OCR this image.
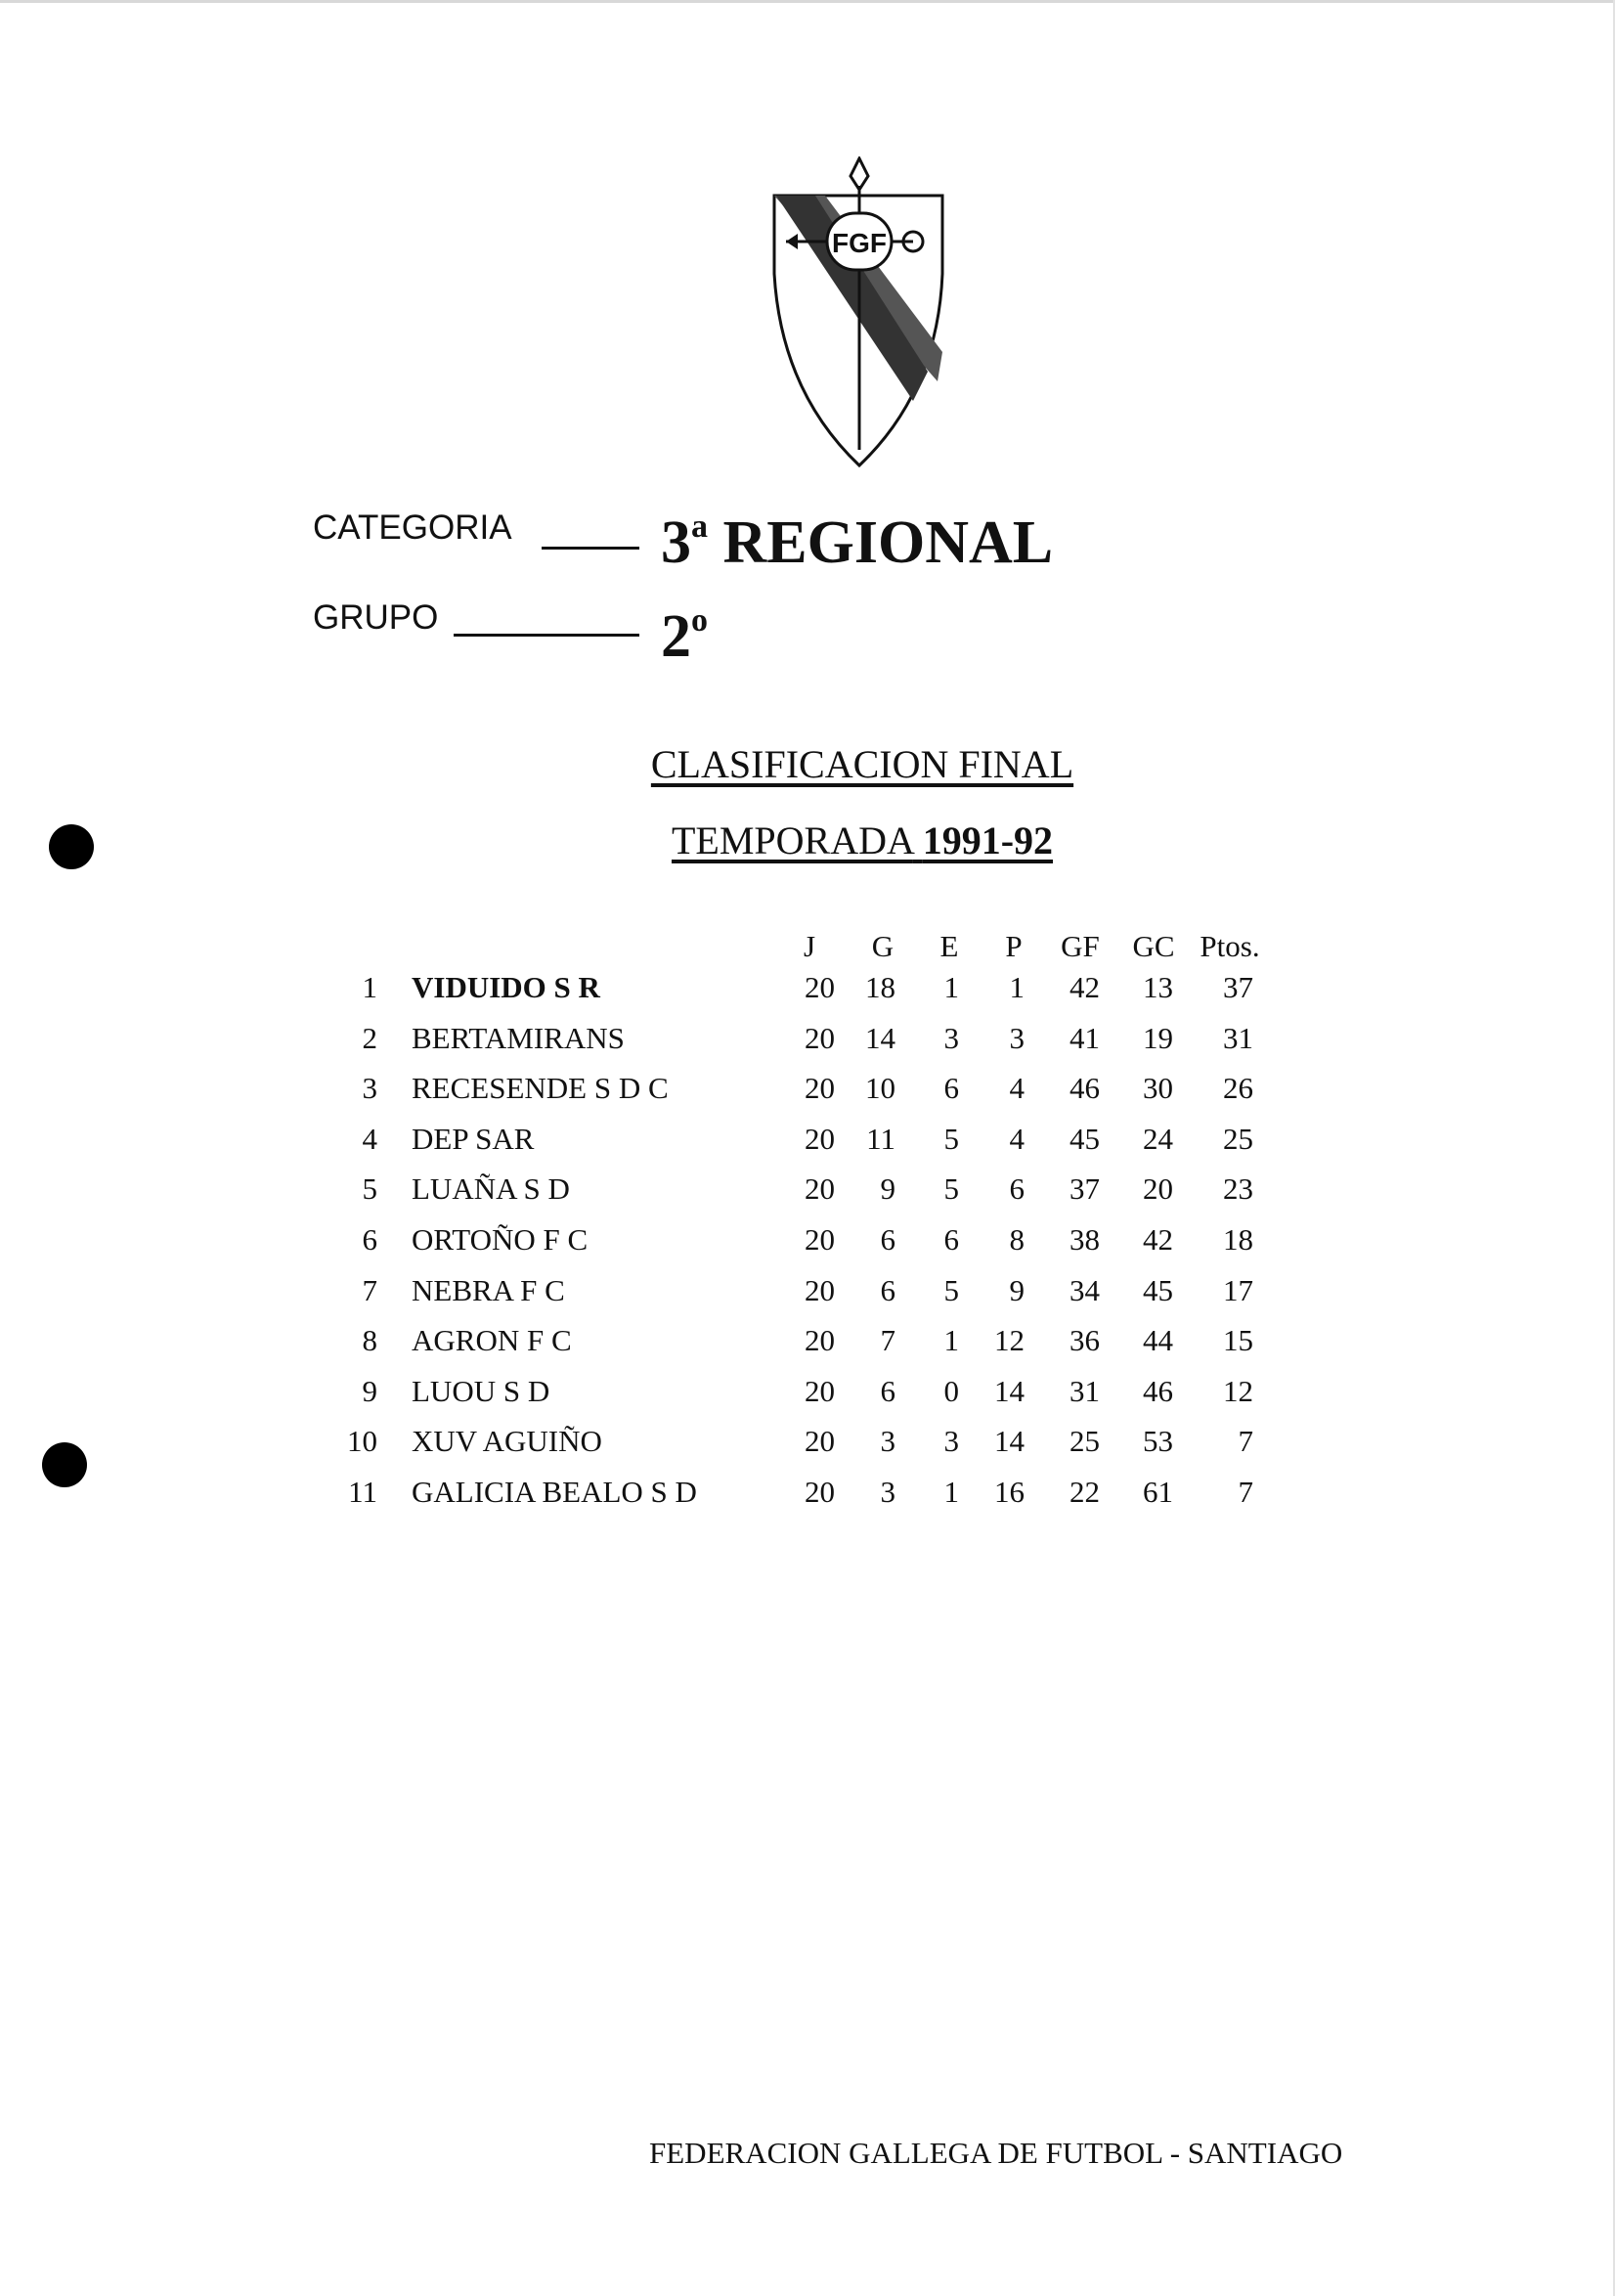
FGF
CATEGORIA 3$^a$ REGIONAL
GRUPO	2$^o$
CLASIFICACION FINAL
TEMPORADA 1991-92
J	G	E	P	GF	GC Ptos.
1 VIDUIDO S R	20	18	1	1	42	13	37
2 BERTAMIRANS	20	14	3	3	41	19	31
3 RECESENDE S D C	20	10	6	4	46	30	26
4 DEP SAR	20	11	5	4	45	24	25
5 LUAÑA S D	20	9	5	6	37	20	23
6 ORTOÑO F C	20	6	6	8	38	42	18
7 NEBRA F C	20	6	5	9	34	45	17
8 AGRON F C	20	7	1	12	36	44	15
9 LUOU S D	20	6	0	14	31	46	12
10 XUV AGUIÑO	20	3	3	14	25	53	7
11 GALICIA BEALO S D	20	3	1	16	22	61	7
FEDERACION GALLEGA DE FUTBOL - SANTIAGO
